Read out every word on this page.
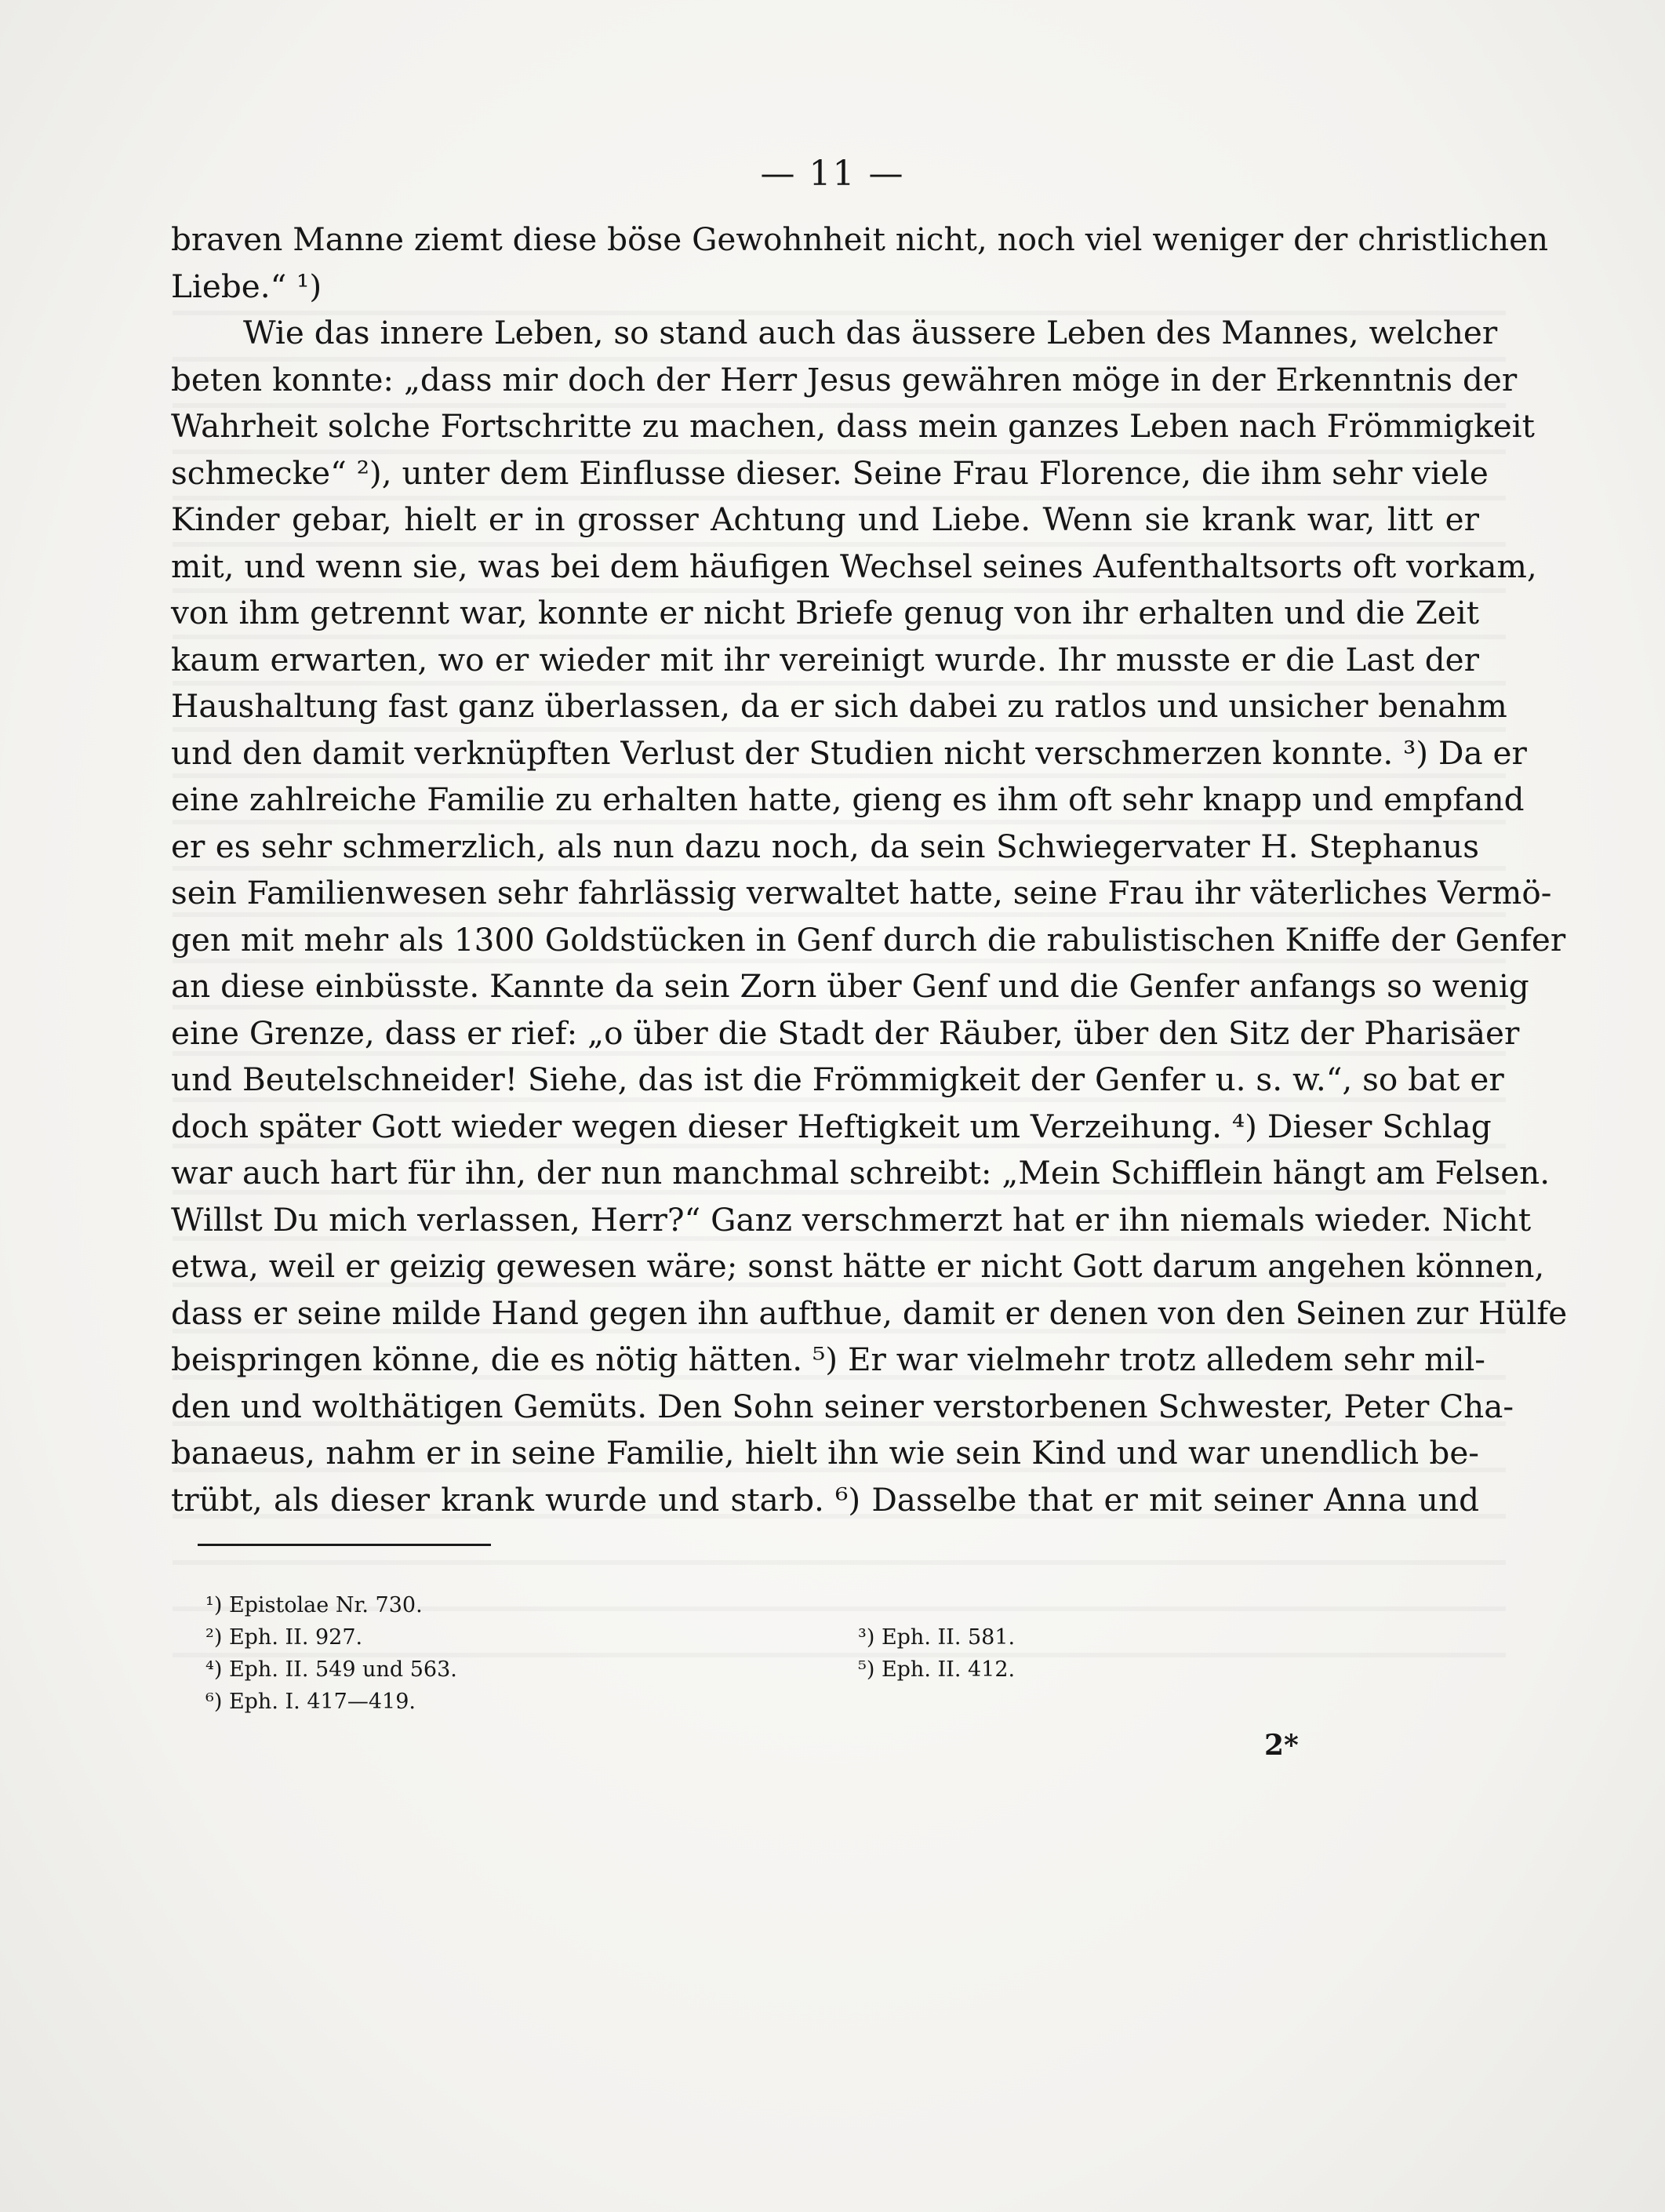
— 11 —
braven Manne ziemt diese böse Gewohnheit nicht, noch viel weniger der christlichen
Liebe.“ ¹)
Wie das innere Leben, so stand auch das äussere Leben des Mannes, welcher
beten konnte: „dass mir doch der Herr Jesus gewähren möge in der Erkenntnis der
Wahrheit solche Fortschritte zu machen, dass mein ganzes Leben nach Frömmigkeit
schmecke“ ²), unter dem Einflusse dieser. Seine Frau Florence, die ihm sehr viele
Kinder gebar, hielt er in grosser Achtung und Liebe. Wenn sie krank war, litt er
mit, und wenn sie, was bei dem häufigen Wechsel seines Aufenthaltsorts oft vorkam,
von ihm getrennt war, konnte er nicht Briefe genug von ihr erhalten und die Zeit
kaum erwarten, wo er wieder mit ihr vereinigt wurde. Ihr musste er die Last der
Haushaltung fast ganz überlassen, da er sich dabei zu ratlos und unsicher benahm
und den damit verknüpften Verlust der Studien nicht verschmerzen konnte. ³) Da er
eine zahlreiche Familie zu erhalten hatte, gieng es ihm oft sehr knapp und empfand
er es sehr schmerzlich, als nun dazu noch, da sein Schwiegervater H. Stephanus
sein Familienwesen sehr fahrlässig verwaltet hatte, seine Frau ihr väterliches Vermö-
gen mit mehr als 1300 Goldstücken in Genf durch die rabulistischen Kniffe der Genfer
an diese einbüsste. Kannte da sein Zorn über Genf und die Genfer anfangs so wenig
eine Grenze, dass er rief: „o über die Stadt der Räuber, über den Sitz der Pharisäer
und Beutelschneider! Siehe, das ist die Frömmigkeit der Genfer u. s. w.“, so bat er
doch später Gott wieder wegen dieser Heftigkeit um Verzeihung. ⁴) Dieser Schlag
war auch hart für ihn, der nun manchmal schreibt: „Mein Schifflein hängt am Felsen.
Willst Du mich verlassen, Herr?“ Ganz verschmerzt hat er ihn niemals wieder. Nicht
etwa, weil er geizig gewesen wäre; sonst hätte er nicht Gott darum angehen können,
dass er seine milde Hand gegen ihn aufthue, damit er denen von den Seinen zur Hülfe
beispringen könne, die es nötig hätten. ⁵) Er war vielmehr trotz alledem sehr mil-
den und wolthätigen Gemüts. Den Sohn seiner verstorbenen Schwester, Peter Cha-
banaeus, nahm er in seine Familie, hielt ihn wie sein Kind und war unendlich be-
trübt, als dieser krank wurde und starb. ⁶) Dasselbe that er mit seiner Anna und
¹) Epistolae Nr. 730.
²) Eph. II. 927.	³) Eph. II. 581.
⁴) Eph. II. 549 und 563.	⁵) Eph. II. 412.
⁶) Eph. I. 417—419.
2*
